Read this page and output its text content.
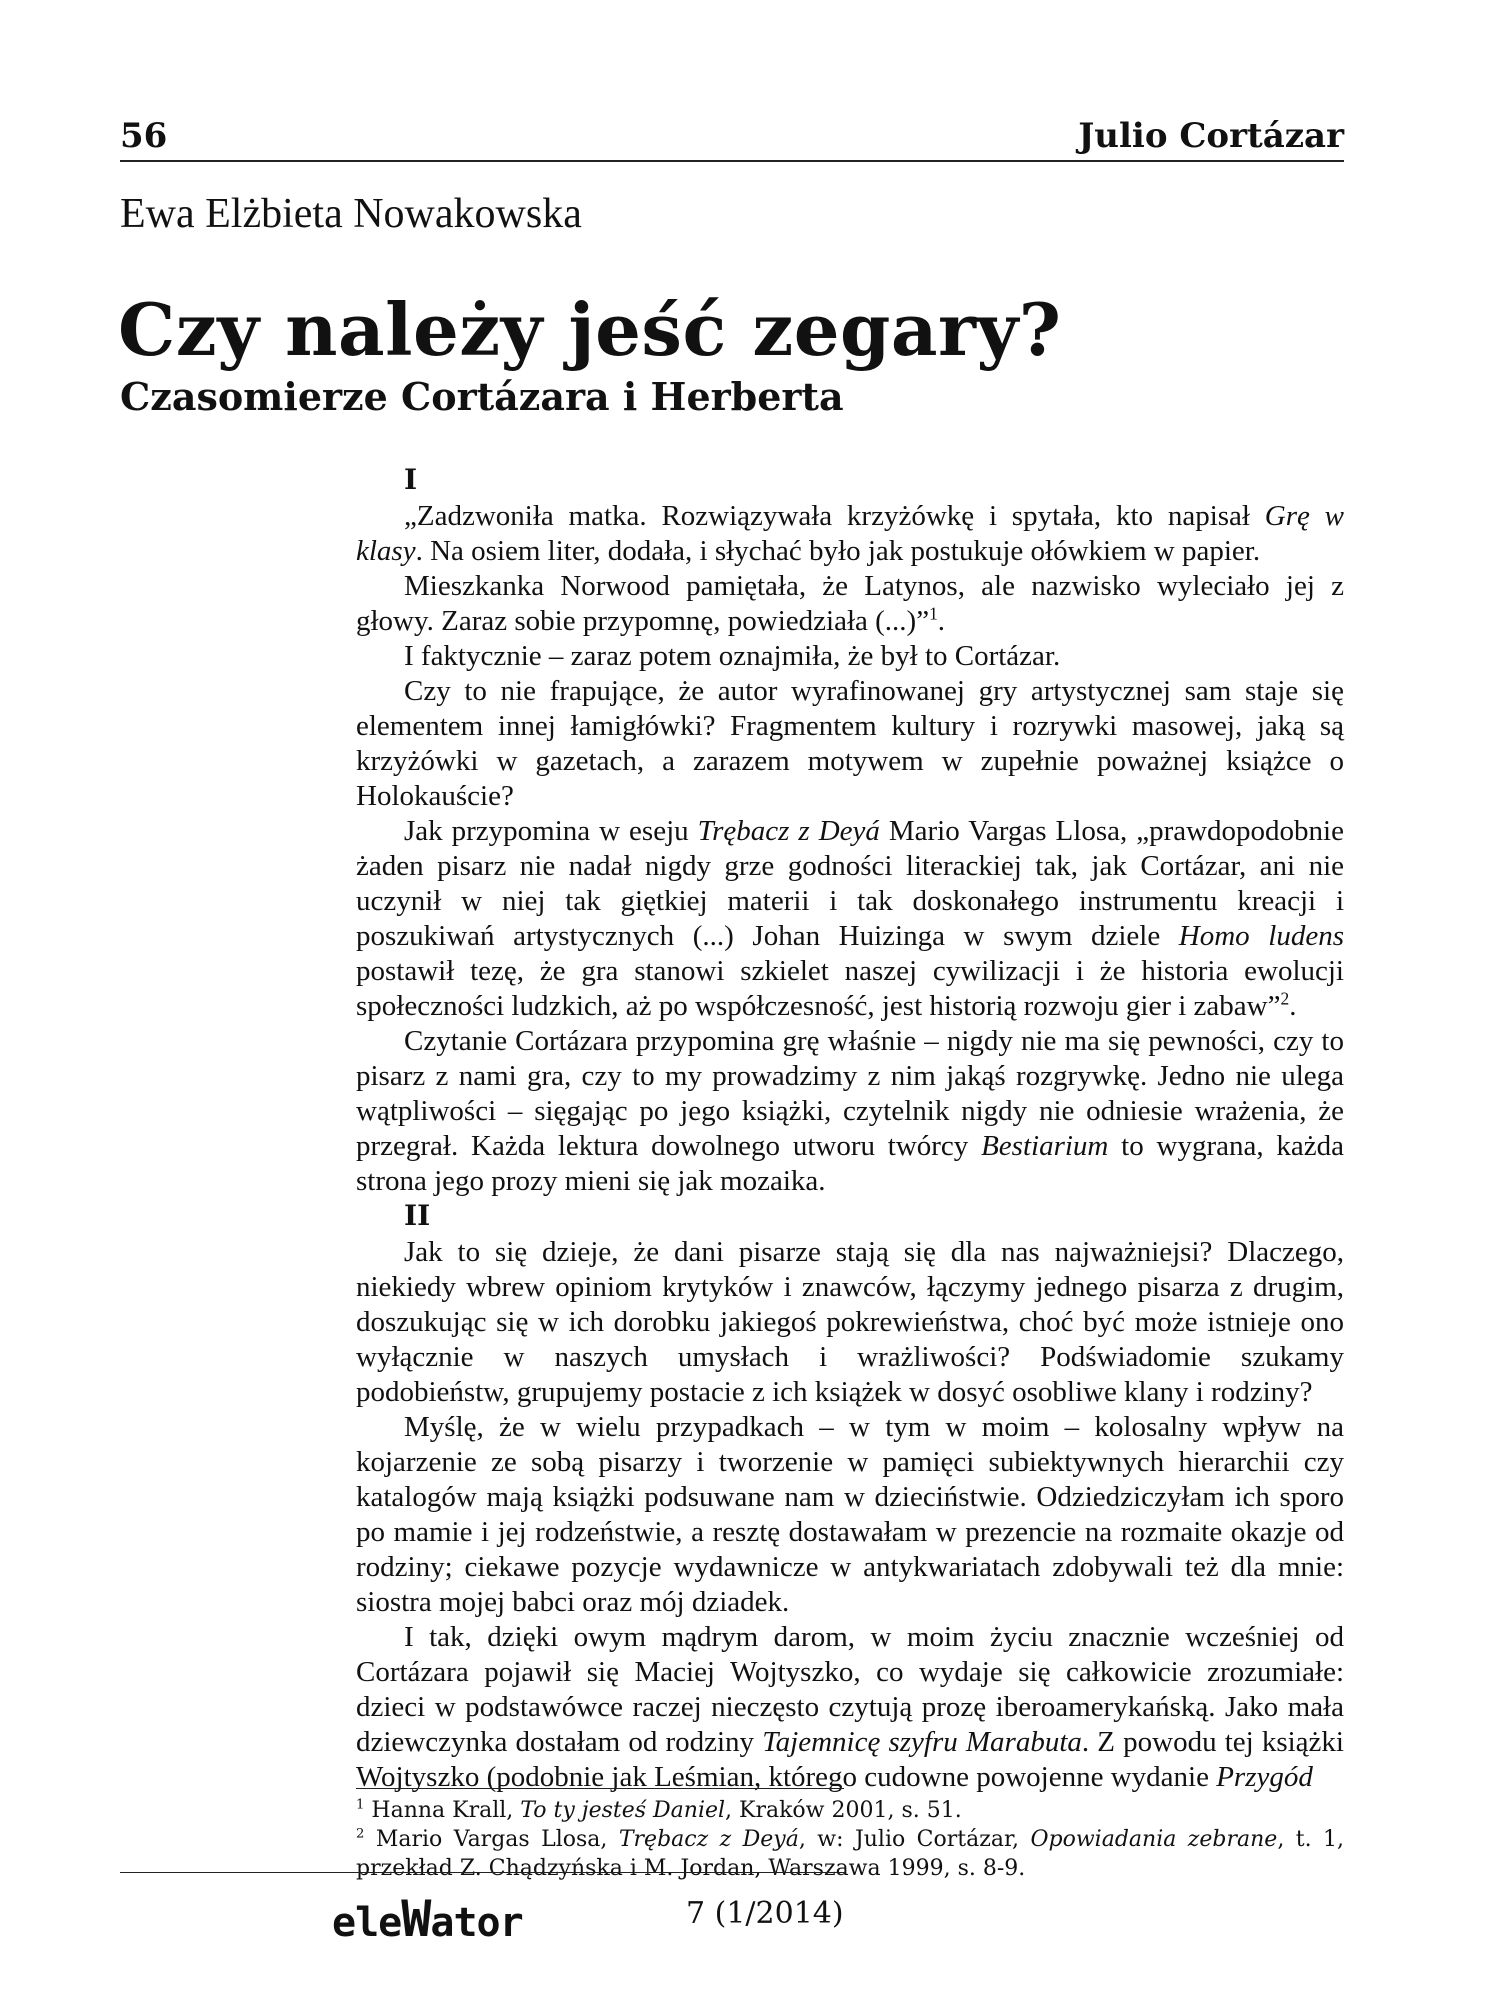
56	Julio Cortázar
Ewa Elżbieta Nowakowska
Czy należy jeść zegary?
Czasomierze Cortázara i Herberta
I

„Zadzwoniła matka. Rozwiązywała krzyżówkę i spytała, kto napisał Grę w klasy. Na osiem liter, dodała, i słychać było jak postukuje ołówkiem w papier.

Mieszkanka Norwood pamiętała, że Latynos, ale nazwisko wyleciało jej z głowy. Zaraz sobie przypomnę, powiedziała (...)”$^1$.

I faktycznie – zaraz potem oznajmiła, że był to Cortázar.

Czy to nie frapujące, że autor wyrafinowanej gry artystycznej sam staje się elementem innej łamigłówki? Fragmentem kultury i rozrywki masowej, jaką są krzyżówki w gazetach, a zarazem motywem w zupełnie poważnej książce o Holokauście?

Jak przypomina w eseju Trębacz z Deyá Mario Vargas Llosa, „prawdopodobnie żaden pisarz nie nadał nigdy grze godności literackiej tak, jak Cortázar, ani nie uczynił w niej tak giętkiej materii i tak doskonałego instrumentu kreacji i poszukiwań artystycznych (...) Johan Huizinga w swym dziele Homo ludens postawił tezę, że gra stanowi szkielet naszej cywilizacji i że historia ewolucji społeczności ludzkich, aż po współczesność, jest historią rozwoju gier i zabaw”$^2$.

Czytanie Cortázara przypomina grę właśnie – nigdy nie ma się pewności, czy to pisarz z nami gra, czy to my prowadzimy z nim jakąś rozgrywkę. Jedno nie ulega wątpliwości – sięgając po jego książki, czytelnik nigdy nie odniesie wrażenia, że przegrał. Każda lektura dowolnego utworu twórcy Bestiarium to wygrana, każda strona jego prozy mieni się jak mozaika.

II

Jak to się dzieje, że dani pisarze stają się dla nas najważniejsi? Dlaczego, niekiedy wbrew opiniom krytyków i znawców, łączymy jednego pisarza z drugim, doszukując się w ich dorobku jakiegoś pokrewieństwa, choć być może istnieje ono wyłącznie w naszych umysłach i wrażliwości? Podświadomie szukamy podobieństw, grupujemy postacie z ich książek w dosyć osobliwe klany i rodziny?

Myślę, że w wielu przypadkach – w tym w moim – kolosalny wpływ na kojarzenie ze sobą pisarzy i tworzenie w pamięci subiektywnych hierarchii czy katalogów mają książki podsuwane nam w dzieciństwie. Odziedziczyłam ich sporo po mamie i jej rodzeństwie, a resztę dostawałam w prezencie na rozmaite okazje od rodziny; ciekawe pozycje wydawnicze w antykwariatach zdobywali też dla mnie: siostra mojej babci oraz mój dziadek.

I tak, dzięki owym mądrym darom, w moim życiu znacznie wcześniej od Cortázara pojawił się Maciej Wojtyszko, co wydaje się całkowicie zrozumiałe: dzieci w podstawówce raczej nieczęsto czytują prozę iberoamerykańską. Jako mała dziewczynka dostałam od rodziny Tajemnicę szyfru Marabuta. Z powodu tej książki Wojtyszko (podobnie jak Leśmian, którego cudowne powojenne wydanie Przygód

$^1$ Hanna Krall, To ty jesteś Daniel, Kraków 2001, s. 51.
$^2$ Mario Vargas Llosa, Trębacz z Deyá, w: Julio Cortázar, Opowiadania zebrane, t. 1, przekład Z. Chądzyńska i M. Jordan, Warszawa 1999, s. 8-9.
eleWator	7 (1/2014)
